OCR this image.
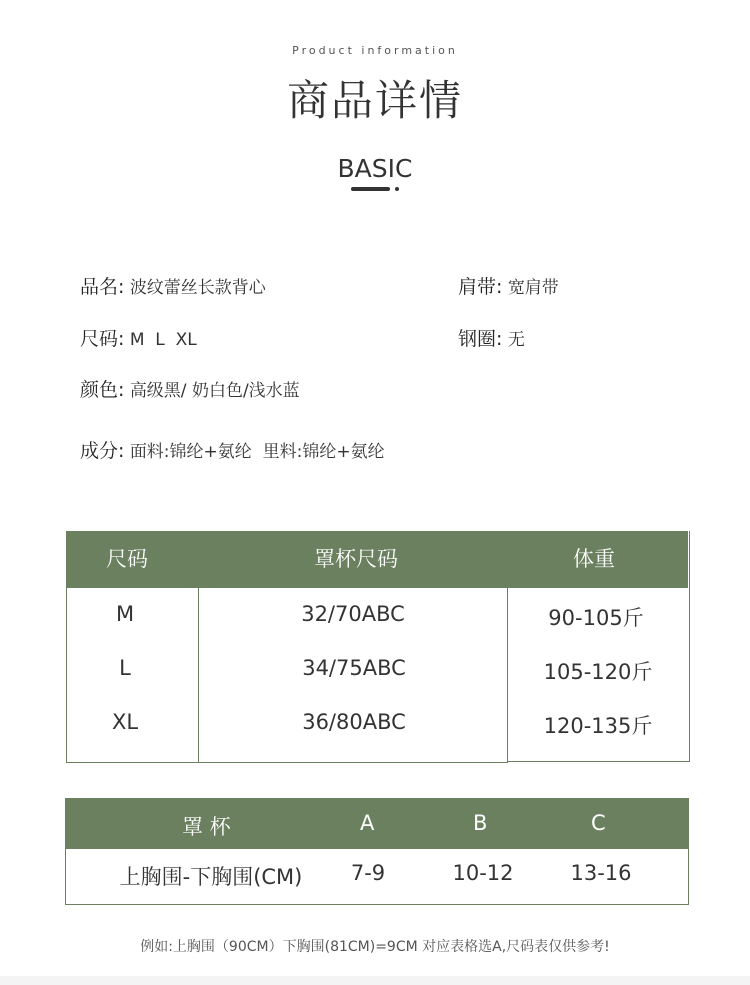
Product information
商品详情
BASIC
品名: 波纹蕾丝长款背心	肩带: 宽肩带
尺码: M  L  XL	钢圈: 无
颜色: 高级黑/ 奶白色/浅水蓝
成分: 面料:锦纶+氨纶  里料:锦纶+氨纶
尺码	罩杯尺码	体重
M	32/70ABC	90-105斤
L	34/75ABC	105-120斤
XL	36/80ABC	120-135斤
罩 杯	A	B	C
上胸围-下胸围(CM)	7-9	10-12	13-16
例如:上胸围（90CM）下胸围(81CM)=9CM 对应表格选A,尺码表仅供参考!
